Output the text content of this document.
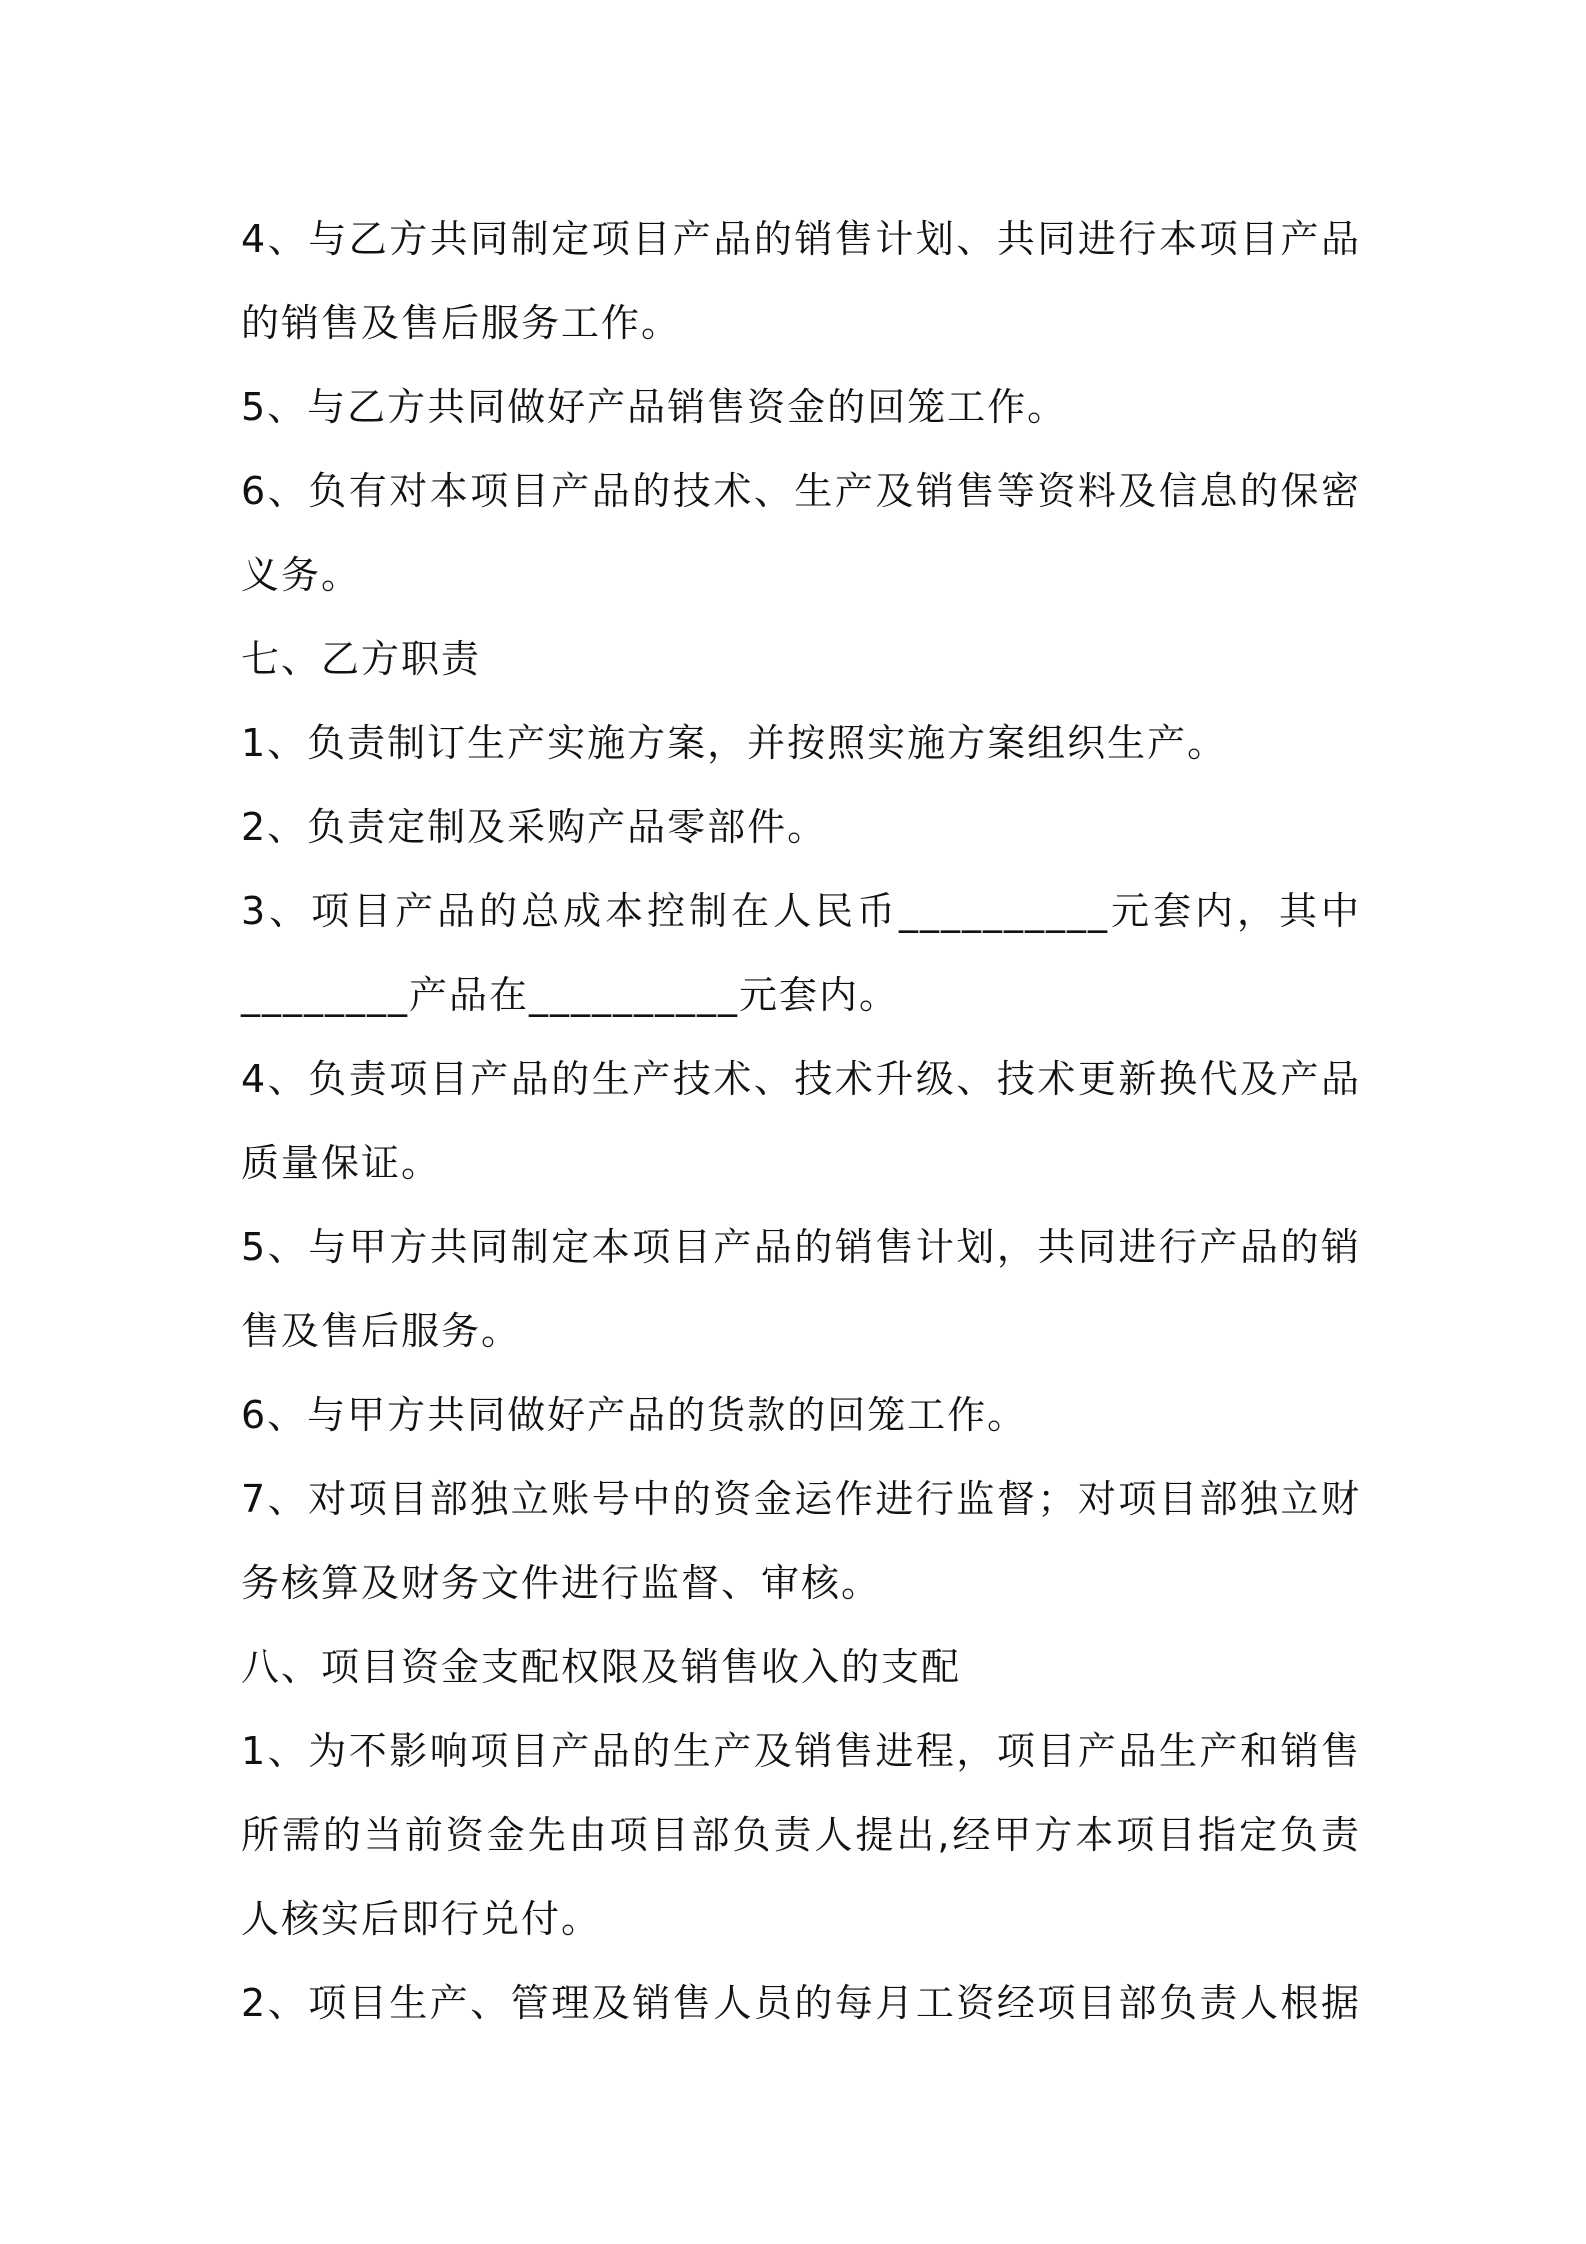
4、与乙方共同制定项目产品的销售计划、共同进行本项目产品
的销售及售后服务工作。
5、与乙方共同做好产品销售资金的回笼工作。
6、负有对本项目产品的技术、生产及销售等资料及信息的保密
义务。
七、乙方职责
1、负责制订生产实施方案，并按照实施方案组织生产。
2、负责定制及采购产品零部件。
3、项目产品的总成本控制在人民币__________元套内，其中
________产品在__________元套内。
4、负责项目产品的生产技术、技术升级、技术更新换代及产品
质量保证。
5、与甲方共同制定本项目产品的销售计划，共同进行产品的销
售及售后服务。
6、与甲方共同做好产品的货款的回笼工作。
7、对项目部独立账号中的资金运作进行监督；对项目部独立财
务核算及财务文件进行监督、审核。
八、项目资金支配权限及销售收入的支配
1、为不影响项目产品的生产及销售进程，项目产品生产和销售
所需的当前资金先由项目部负责人提出,经甲方本项目指定负责
人核实后即行兑付。
2、项目生产、管理及销售人员的每月工资经项目部负责人根据
